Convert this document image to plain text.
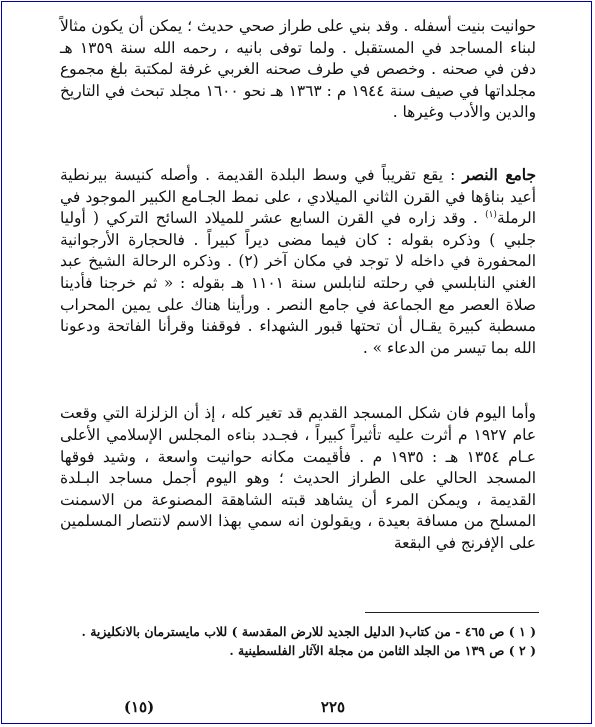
حوانيت بنيت أسفله . وقد بني على طراز صحي حديث ؛ يمكن أن يكون مثالاً لبناء المساجد في المستقبل . ولما توفى بانيه ، رحمه الله سنة ١٣٥٩ هـ دفن في صحنه . وخصص في طرف صحنه الغربي غرفة لمكتبة بلغ مجموع مجلداتها في صيف سنة ١٩٤٤ م : ١٣٦٣ هـ نحو ١٦٠٠ مجلد تبحث في التاريخ والدين والأدب وغيرها .

جامع النصر : يقع تقريباً في وسط البلدة القديمة . وأصله كنيسة بيرنطية أعيد بناؤها في القرن الثاني الميلادي ، على نمط الجـامع الكبير الموجود في الرملة$^{(١)}$ . وقد زاره في القرن السابع عشر للميلاد السائح التركي ( أوليا جلبي ) وذكره بقوله : كان فيما مضى ديراً كبيراً . فالحجارة الأرجوانية المحفورة في داخله لا توجد في مكان آخر (٢) . وذكره الرحالة الشيخ عبد الغني النابلسي في رحلته لنابلس سنة ١١٠١ هـ بقوله : « ثم خرجنا فأدينا صلاة العصر مع الجماعة في جامع النصر . ورأينا هناك على يمين المحراب مسطبة كبيرة يقـال أن تحتها قبور الشهداء . فوقفنا وقرأنا الفاتحة ودعونا الله بما تيسر من الدعاء » .

وأما اليوم فان شكل المسجد القديم قد تغير كله ، إذ أن الزلزلة التي وقعت عام ١٩٢٧ م أثرت عليه تأثيراً كبيراً ، فجـدد بناءه المجلس الإسلامي الأعلى عـام ١٣٥٤ هـ : ١٩٣٥ م . فأقيمت مكانه حوانيت واسعة ، وشيد فوقها المسجد الحالي على الطراز الحديث ؛ وهو اليوم أجمل مساجد البـلدة القديمة ، ويمكن المرء أن يشاهد قبته الشاهقة المصنوعة من الاسمنت المسلح من مسافة بعيدة ، ويقولون انه سمي بهذا الاسم لانتصار المسلمين على الإفرنج في البقعة

( ١ ) ص ٤٦٥ - من كتاب( الدليل الجديد للارض المقدسة ) للاب مايسترمان بالانكليزية .
( ٢ ) ص ١٣٩ من الجلد الثامن من مجلة الآثار الفلسطينية .
(١٥)	٢٢٥
